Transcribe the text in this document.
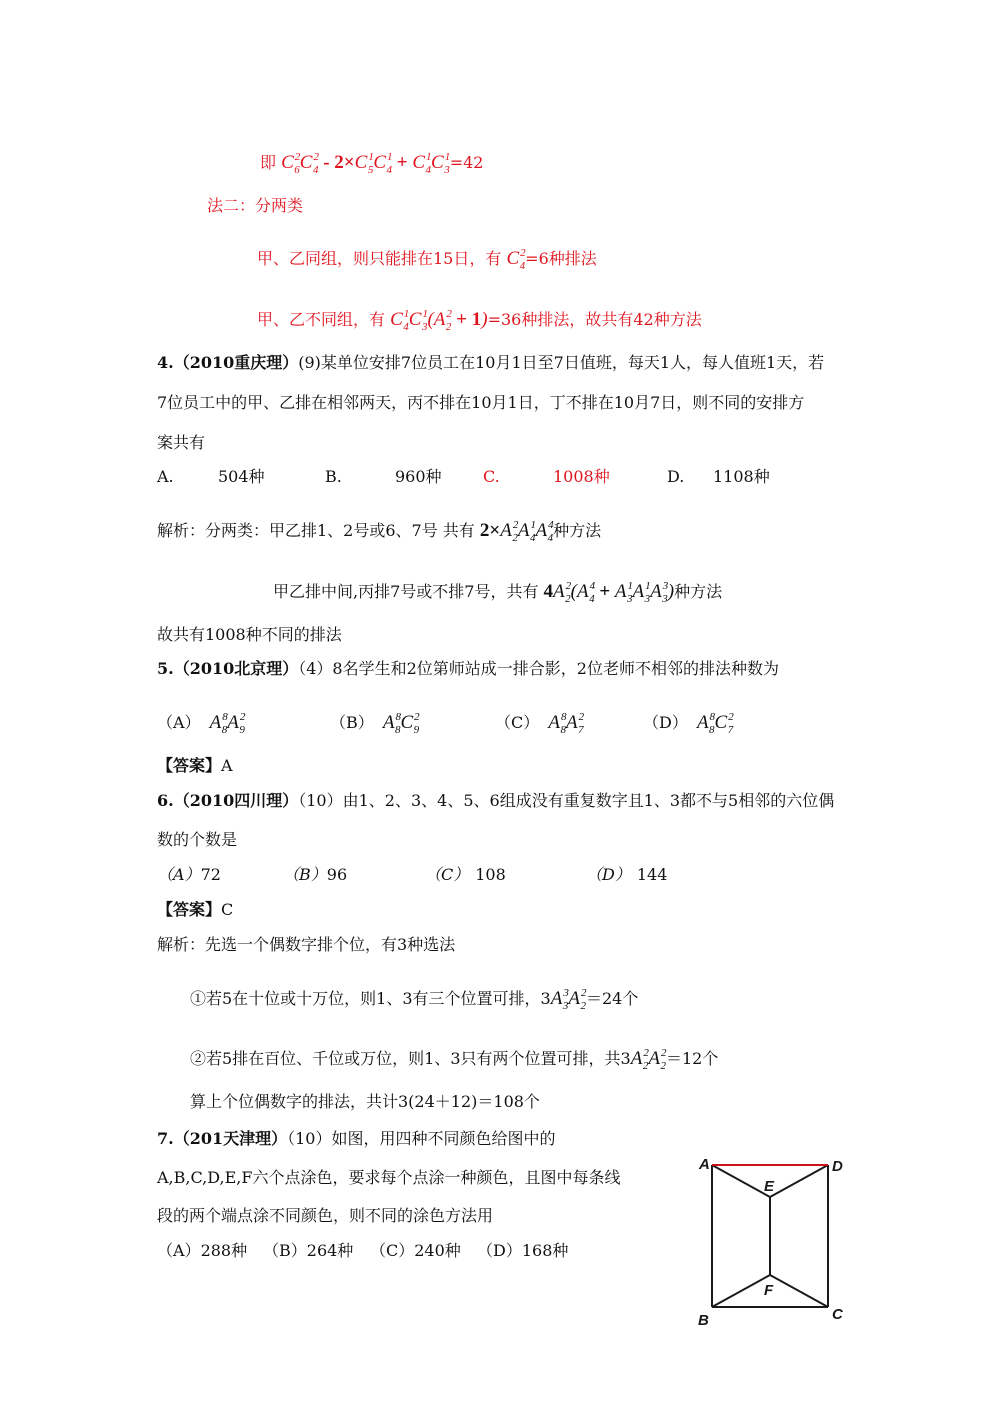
即 $C^2_6C^2_4 - 2\times C^1_5C^1_4 + C^1_4C^1_3=42$
法二：分两类
甲、乙同组，则只能排在15日，有 $C^2_4=6$种排法
甲、乙不同组，有 $C^1_4C^1_3(A^2_2 + 1)=36$种排法，故共有42种方法
4.（2010重庆理）(9)某单位安排7位员工在10月1日至7日值班，每天1人，每人值班1天，若
7位员工中的甲、乙排在相邻两天，丙不排在10月1日，丁不排在10月7日，则不同的安排方
案共有
A.	504种	B.	960种	C.	1008种	D. 1108种
解析：分两类：甲乙排1、2号或6、7号 共有 $2\times A^2_2A^1_4A^4_4$种方法
甲乙排中间,丙排7号或不排7号，共有 $4A^2_2(A^4_4 + A^1_3A^1_3A^3_3)$种方法
故共有1008种不同的排法
5.（2010北京理）（4）8名学生和2位第师站成一排合影，2位老师不相邻的排法种数为
（A） $A^8_8A^2_9$	（B） $A^8_8C^2_9$	（C） $A^8_8A^2_7$	（D） $A^8_8C^2_7$
【答案】A
6.（2010四川理）（10）由1、2、3、4、5、6组成没有重复数字且1、3都不与5相邻的六位偶
数的个数是
（A）72	（B）96	（C） 108	（D） 144
【答案】C
解析：先选一个偶数字排个位，有3种选法
①若5在十位或十万位，则1、3有三个位置可排，$3A^3_3A^2_2=24$个
②若5排在百位、千位或万位，则1、3只有两个位置可排，共$3A^2_2A^2_2=12$个
算上个位偶数字的排法，共计3(24＋12)＝108个
7.（201天津理）（10）如图，用四种不同颜色给图中的
A,B,C,D,E,F六个点涂色，要求每个点涂一种颜色，且图中每条线
段的两个端点涂不同颜色，则不同的涂色方法用
（A）288种 （B）264种 （C）240种 （D）168种
A	D
E
F
B	C
